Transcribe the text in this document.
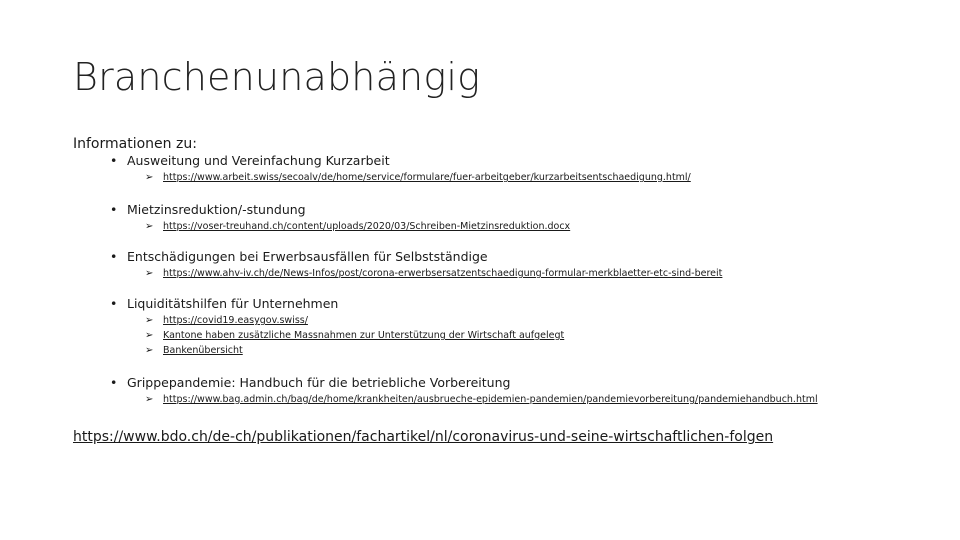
Branchenunabhängig
Informationen zu:
• Ausweitung und Vereinfachung Kurzarbeit
➢ https://www.arbeit.swiss/secoalv/de/home/service/formulare/fuer-arbeitgeber/kurzarbeitsentschaedigung.html/
• Mietzinsreduktion/-stundung
➢ https://voser-treuhand.ch/content/uploads/2020/03/Schreiben-Mietzinsreduktion.docx
• Entschädigungen bei Erwerbsausfällen für Selbstständige
➢ https://www.ahv-iv.ch/de/News-Infos/post/corona-erwerbsersatzentschaedigung-formular-merkblaetter-etc-sind-bereit
• Liquiditätshilfen für Unternehmen
➢ https://covid19.easygov.swiss/
➢ Kantone haben zusätzliche Massnahmen zur Unterstützung der Wirtschaft aufgelegt
➢ Bankenübersicht
• Grippepandemie: Handbuch für die betriebliche Vorbereitung
➢ https://www.bag.admin.ch/bag/de/home/krankheiten/ausbrueche-epidemien-pandemien/pandemievorbereitung/pandemiehandbuch.html
https://www.bdo.ch/de-ch/publikationen/fachartikel/nl/coronavirus-und-seine-wirtschaftlichen-folgen
